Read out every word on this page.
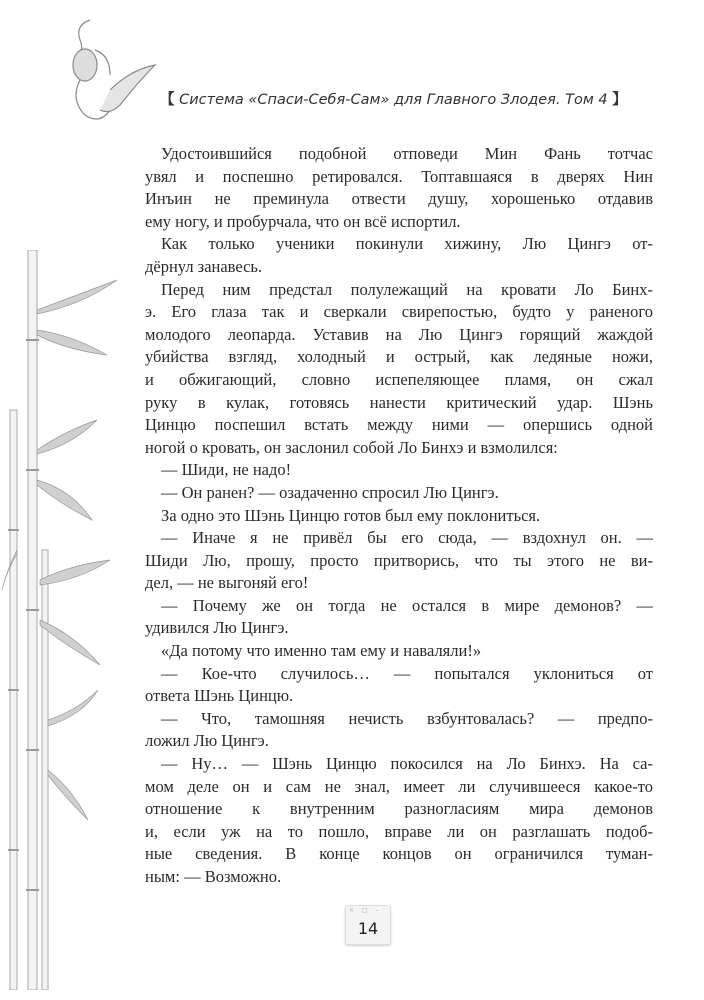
【 Система «Спаси-Себя-Сам» для Главного Злодея. Том 4 】
Удостоившийся подобной отповеди Мин Фань тотчас
увял и поспешно ретировался. Топтавшаяся в дверях Нин
Инъин не преминула отвести душу, хорошенько отдавив
ему ногу, и пробурчала, что он всё испортил.
Как только ученики покинули хижину, Лю Цингэ от-
дёрнул занавесь.
Перед ним предстал полулежащий на кровати Ло Бинх-
э. Его глаза так и сверкали свирепостью, будто у раненого
молодого леопарда. Уставив на Лю Цингэ горящий жаждой
убийства взгляд, холодный и острый, как ледяные ножи,
и обжигающий, словно испепеляющее пламя, он сжал
руку в кулак, готовясь нанести критический удар. Шэнь
Цинцю поспешил встать между ними — опершись одной
ногой о кровать, он заслонил собой Ло Бинхэ и взмолился:
— Шиди, не надо!
— Он ранен? — озадаченно спросил Лю Цингэ.
За одно это Шэнь Цинцю готов был ему поклониться.
— Иначе я не привёл бы его сюда, — вздохнул он. —
Шиди Лю, прошу, просто притворись, что ты этого не ви-
дел, — не выгоняй его!
— Почему же он тогда не остался в мире демонов? —
удивился Лю Цингэ.
«Да потому что именно там ему и наваляли!»
— Кое-что случилось… — попытался уклониться от
ответа Шэнь Цинцю.
— Что, тамошняя нечисть взбунтовалась? — предпо-
ложил Лю Цингэ.
— Ну… — Шэнь Цинцю покосился на Ло Бинхэ. На са-
мом деле он и сам не знал, имеет ли случившееся какое-то
отношение к внутренним разногласиям мира демонов
и, если уж на то пошло, вправе ли он разглашать подоб-
ные сведения. В конце концов он ограничился туман-
ным: — Возможно.
× □ –
14
